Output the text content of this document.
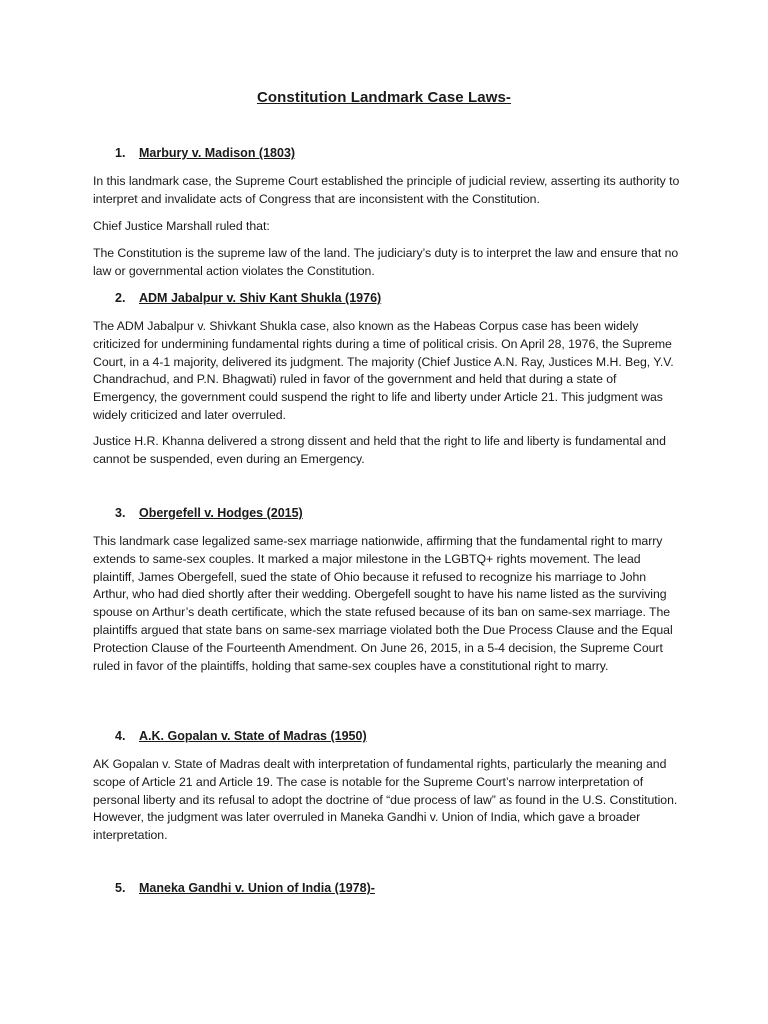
Constitution Landmark Case Laws-
1. Marbury v. Madison (1803)
In this landmark case, the Supreme Court established the principle of judicial review, asserting its authority to interpret and invalidate acts of Congress that are inconsistent with the Constitution.
Chief Justice Marshall ruled that:
The Constitution is the supreme law of the land. The judiciary’s duty is to interpret the law and ensure that no law or governmental action violates the Constitution.
2. ADM Jabalpur v. Shiv Kant Shukla (1976)
The ADM Jabalpur v. Shivkant Shukla case, also known as the Habeas Corpus case has been widely criticized for undermining fundamental rights during a time of political crisis. On April 28, 1976, the Supreme Court, in a 4-1 majority, delivered its judgment. The majority (Chief Justice A.N. Ray, Justices M.H. Beg, Y.V. Chandrachud, and P.N. Bhagwati) ruled in favor of the government and held that during a state of Emergency, the government could suspend the right to life and liberty under Article 21. This judgment was widely criticized and later overruled.
Justice H.R. Khanna delivered a strong dissent and held that the right to life and liberty is fundamental and cannot be suspended, even during an Emergency.
3. Obergefell v. Hodges (2015)
This landmark case legalized same-sex marriage nationwide, affirming that the fundamental right to marry extends to same-sex couples. It marked a major milestone in the LGBTQ+ rights movement. The lead plaintiff, James Obergefell, sued the state of Ohio because it refused to recognize his marriage to John Arthur, who had died shortly after their wedding. Obergefell sought to have his name listed as the surviving spouse on Arthur’s death certificate, which the state refused because of its ban on same-sex marriage. The plaintiffs argued that state bans on same-sex marriage violated both the Due Process Clause and the Equal Protection Clause of the Fourteenth Amendment. On June 26, 2015, in a 5-4 decision, the Supreme Court ruled in favor of the plaintiffs, holding that same-sex couples have a constitutional right to marry.
4. A.K. Gopalan v. State of Madras (1950)
AK Gopalan v. State of Madras dealt with interpretation of fundamental rights, particularly the meaning and scope of Article 21 and Article 19. The case is notable for the Supreme Court’s narrow interpretation of personal liberty and its refusal to adopt the doctrine of “due process of law” as found in the U.S. Constitution. However, the judgment was later overruled in Maneka Gandhi v. Union of India, which gave a broader interpretation.
5. Maneka Gandhi v. Union of India (1978)-
